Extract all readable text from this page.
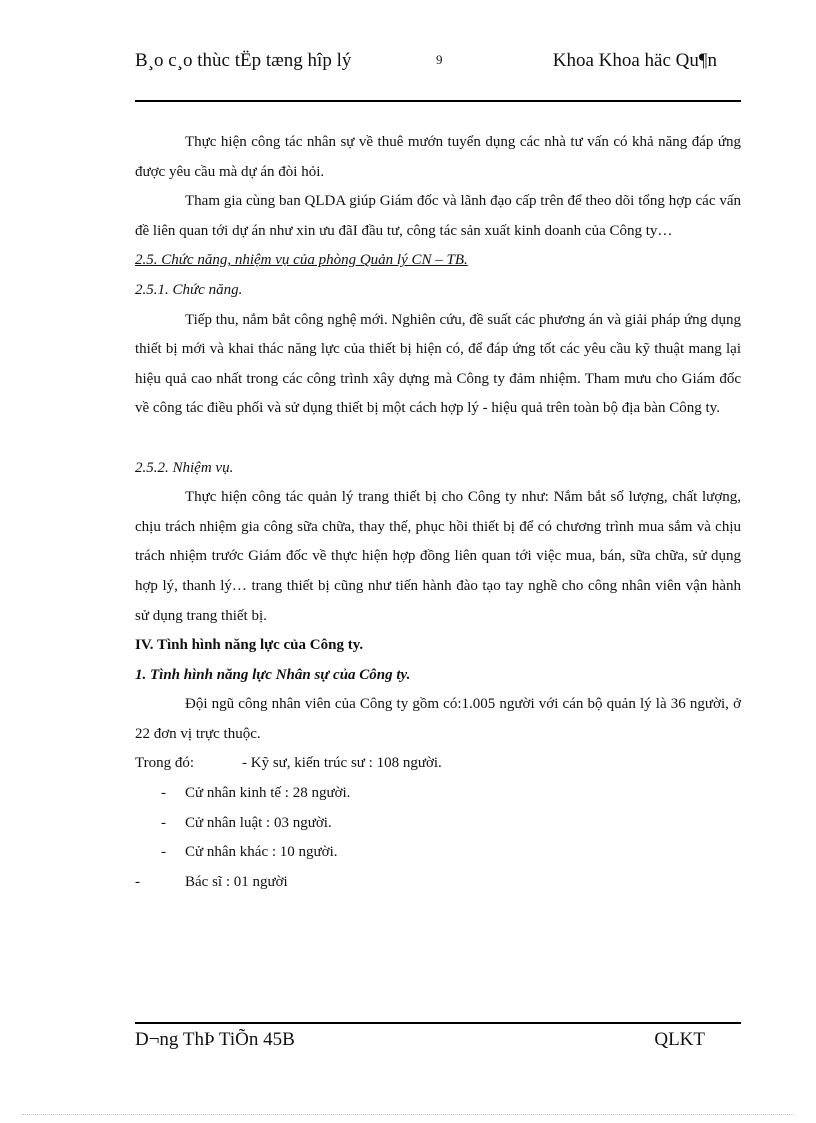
B¸o c¸o thùc tËp tæng hîp lý	9	Khoa Khoa häc Qu¶n

Thực hiện công tác nhân sự về thuê mướn tuyển dụng các nhà tư vấn có khả năng đáp ứng được yêu cầu mà dự án đòi hỏi.

Tham gia cùng ban QLDA giúp Giám đốc và lãnh đạo cấp trên để theo dõi tổng hợp các vấn đề liên quan tới dự án như xin ưu đãI đầu tư, công tác sản xuất kinh doanh của Công ty…

2.5. Chức năng, nhiệm vụ của phòng Quản lý CN – TB.

2.5.1. Chức năng.

Tiếp thu, nắm bắt công nghệ mới. Nghiên cứu, đề suất các phương án và giải pháp ứng dụng thiết bị mới và khai thác năng lực của thiết bị hiện có, để đáp ứng tốt các yêu cầu kỹ thuật mang lại hiệu quả cao nhất trong các công trình xây dựng mà Công ty đảm nhiệm. Tham mưu cho Giám đốc về công tác điều phối và sử dụng thiết bị một cách hợp lý - hiệu quả trên toàn bộ địa bàn Công ty.

2.5.2. Nhiệm vụ.

Thực hiện công tác quản lý trang thiết bị cho Công ty như: Nắm bắt số lượng, chất lượng, chịu trách nhiệm gia công sữa chữa, thay thế, phục hồi thiết bị để có chương trình mua sắm và chịu trách nhiệm trước Giám đốc về thực hiện hợp đồng liên quan tới việc mua, bán, sữa chữa, sử dụng hợp lý, thanh lý… trang thiết bị cũng như tiến hành đào tạo tay nghề cho công nhân viên vận hành sử dụng trang thiết bị.

IV. Tình hình năng lực của Công ty.

1. Tình hình năng lực Nhân sự của Công ty.

Đội ngũ công nhân viên của Công ty gồm có:1.005 người với cán bộ quản lý là 36 người, ở 22 đơn vị trực thuộc.

Trong đó:	- Kỹ sư, kiến trúc sư : 108 người.
-	Cử nhân kinh tế : 28 người.
-	Cử nhân luật : 03 người.
-	Cử nhân khác : 10 người.
-	Bác sĩ : 01 người
D¬ng ThÞ TiÕn 45B	QLKT
